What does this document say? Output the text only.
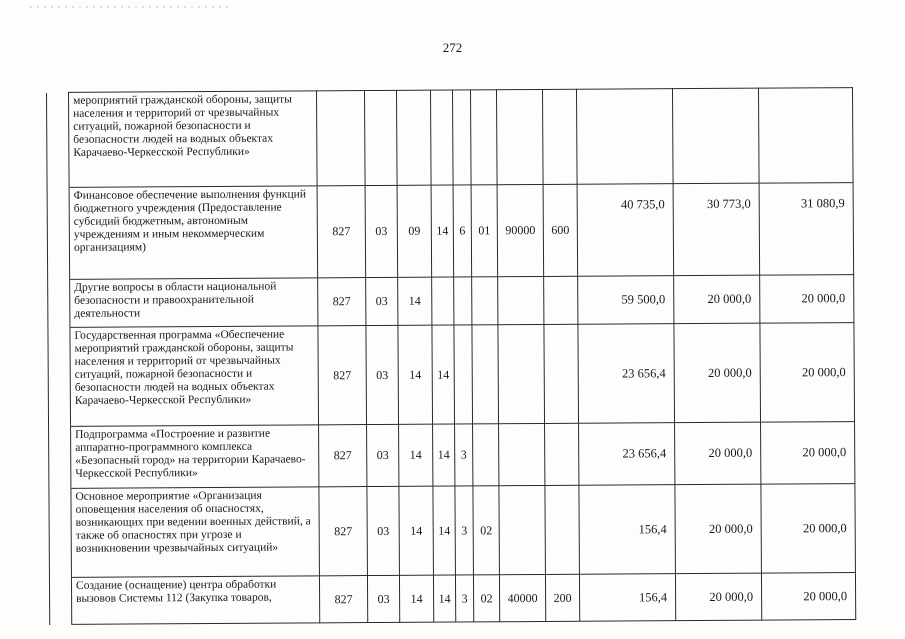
272
	мероприятий гражданской обороны, защиты населения и территорий от чрезвычайных ситуаций, пожарной безопасности и безопасности людей на водных объектах Карачаево-Черкесской Республики»											
	Финансовое обеспечение выполнения функций бюджетного учреждения (Предоставление субсидий бюджетным, автономным учреждениям и иным некоммерческим организациям)	827	03	09	14	6	01	90000	600	40 735,0	30 773,0	31 080,9
	Другие вопросы в области национальной безопасности и правоохранительной деятельности	827	03	14						59 500,0	20 000,0	20 000,0
	Государственная программа «Обеспечение мероприятий гражданской обороны, защиты населения и территорий от чрезвычайных ситуаций, пожарной безопасности и безопасности людей на водных объектах Карачаево-Черкесской Республики»	827	03	14	14					23 656,4	20 000,0	20 000,0
	Подпрограмма «Построение и развитие аппаратно-программного комплекса «Безопасный город» на территории Карачаево-Черкесской Республики»	827	03	14	14	3				23 656,4	20 000,0	20 000,0
	Основное мероприятие «Организация оповещения населения об опасностях, возникающих при ведении военных действий, а также об опасностях при угрозе и возникновении чрезвычайных ситуаций»	827	03	14	14	3	02			156,4	20 000,0	20 000,0
	Создание (оснащение) центра обработки вызовов Системы 112 (Закупка товаров,	827	03	14	14	3	02	40000	200	156,4	20 000,0	20 000,0
